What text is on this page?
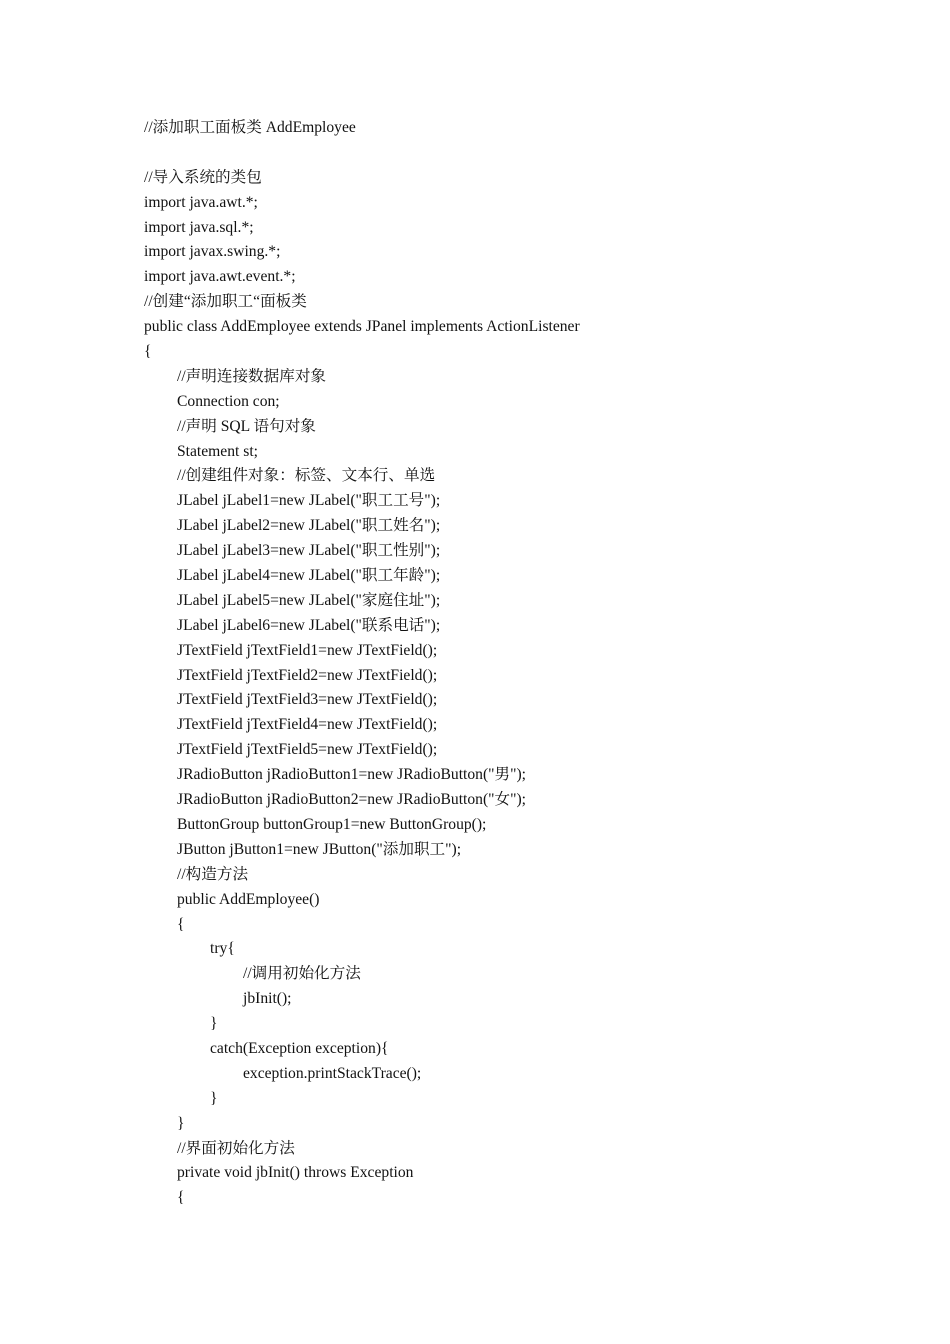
//添加职工面板类 AddEmployee
//导入系统的类包
import java.awt.*;
import java.sql.*;
import javax.swing.*;
import java.awt.event.*;
//创建“添加职工“面板类
public class AddEmployee extends JPanel implements ActionListener
{
//声明连接数据库对象
Connection con;
//声明 SQL 语句对象
Statement st;
//创建组件对象：标签、文本行、单选
JLabel jLabel1=new JLabel("职工工号");
JLabel jLabel2=new JLabel("职工姓名");
JLabel jLabel3=new JLabel("职工性别");
JLabel jLabel4=new JLabel("职工年龄");
JLabel jLabel5=new JLabel("家庭住址");
JLabel jLabel6=new JLabel("联系电话");
JTextField jTextField1=new JTextField();
JTextField jTextField2=new JTextField();
JTextField jTextField3=new JTextField();
JTextField jTextField4=new JTextField();
JTextField jTextField5=new JTextField();
JRadioButton jRadioButton1=new JRadioButton("男");
JRadioButton jRadioButton2=new JRadioButton("女");
ButtonGroup buttonGroup1=new ButtonGroup();
JButton jButton1=new JButton("添加职工");
//构造方法
public AddEmployee()
{
try{
//调用初始化方法
jbInit();
}
catch(Exception exception){
exception.printStackTrace();
}
}
//界面初始化方法
private void jbInit() throws Exception
{
